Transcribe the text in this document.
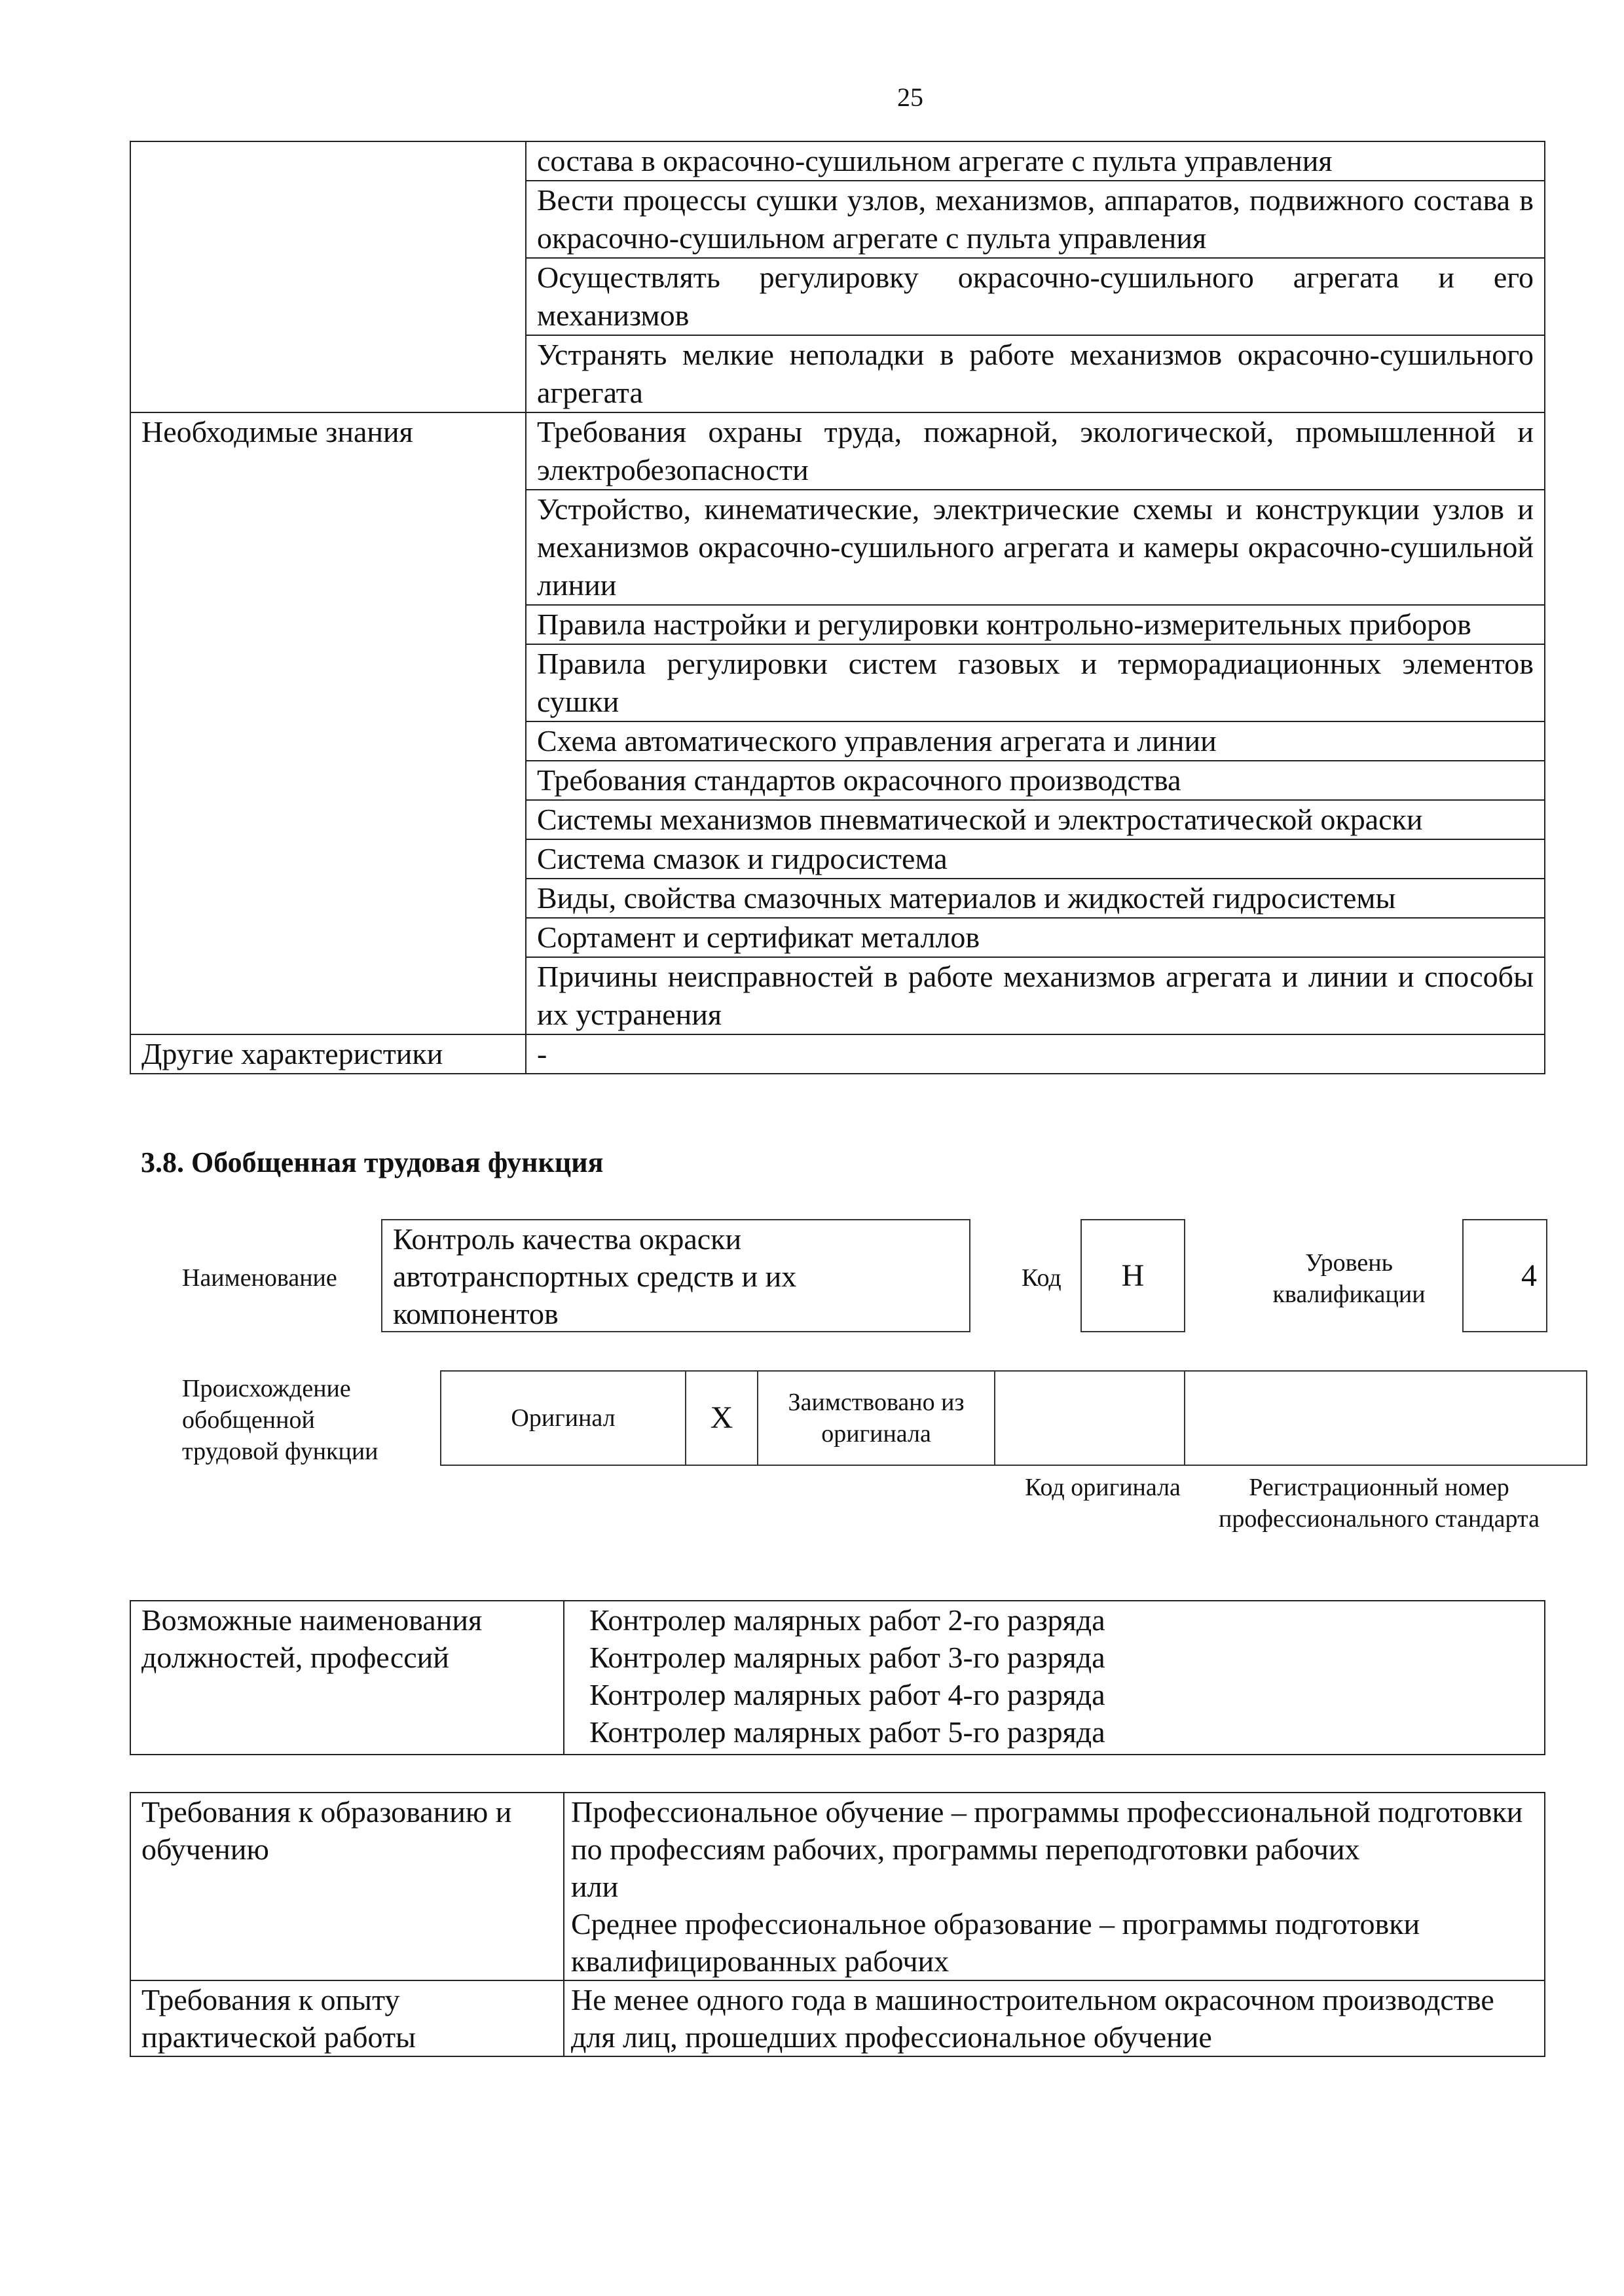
25
	состава в окрасочно-сушильном агрегате с пульта управления
	Вести процессы сушки узлов, механизмов, аппаратов, подвижного состава в окрасочно-сушильном агрегате с пульта управления
	Осуществлять регулировку окрасочно-сушильного агрегата и его механизмов
	Устранять мелкие неполадки в работе механизмов окрасочно-сушильного агрегата
Необходимые знания	Требования охраны труда, пожарной, экологической, промышленной и электробезопасности
	Устройство, кинематические, электрические схемы и конструкции узлов и механизмов окрасочно-сушильного агрегата и камеры окрасочно-сушильной линии
	Правила настройки и регулировки контрольно-измерительных приборов
	Правила регулировки систем газовых и терморадиационных элементов сушки
	Схема автоматического управления агрегата и линии
	Требования стандартов окрасочного производства
	Системы механизмов пневматической и электростатической окраски
	Система смазок и гидросистема
	Виды, свойства смазочных материалов и жидкостей гидросистемы
	Сортамент и сертификат металлов
	Причины неисправностей в работе механизмов агрегата и линии и способы их устранения
Другие характеристики	-
3.8. Обобщенная трудовая функция
Наименование
Контроль качества окраски автотранспортных средств и их компонентов
Код	H	Уровень квалификации
4
Происхождение обобщенной трудовой функции
Оригинал	X	Заимствовано из оригинала		
Код оригинала	Регистрационный номер профессионального стандарта
Возможные наименования должностей, профессий	
Контролер малярных работ 2-го разряда
Контролер малярных работ 3-го разряда
Контролер малярных работ 4-го разряда
Контролер малярных работ 5-го разряда
Требования к образованию и обучению	Профессиональное обучение – программы профессиональной подготовки по профессиям рабочих, программы переподготовки рабочих
или
Среднее профессиональное образование – программы подготовки квалифицированных рабочих

Требования к опыту практической работы	Не менее одного года в машиностроительном окрасочном производстве для лиц, прошедших профессиональное обучение
